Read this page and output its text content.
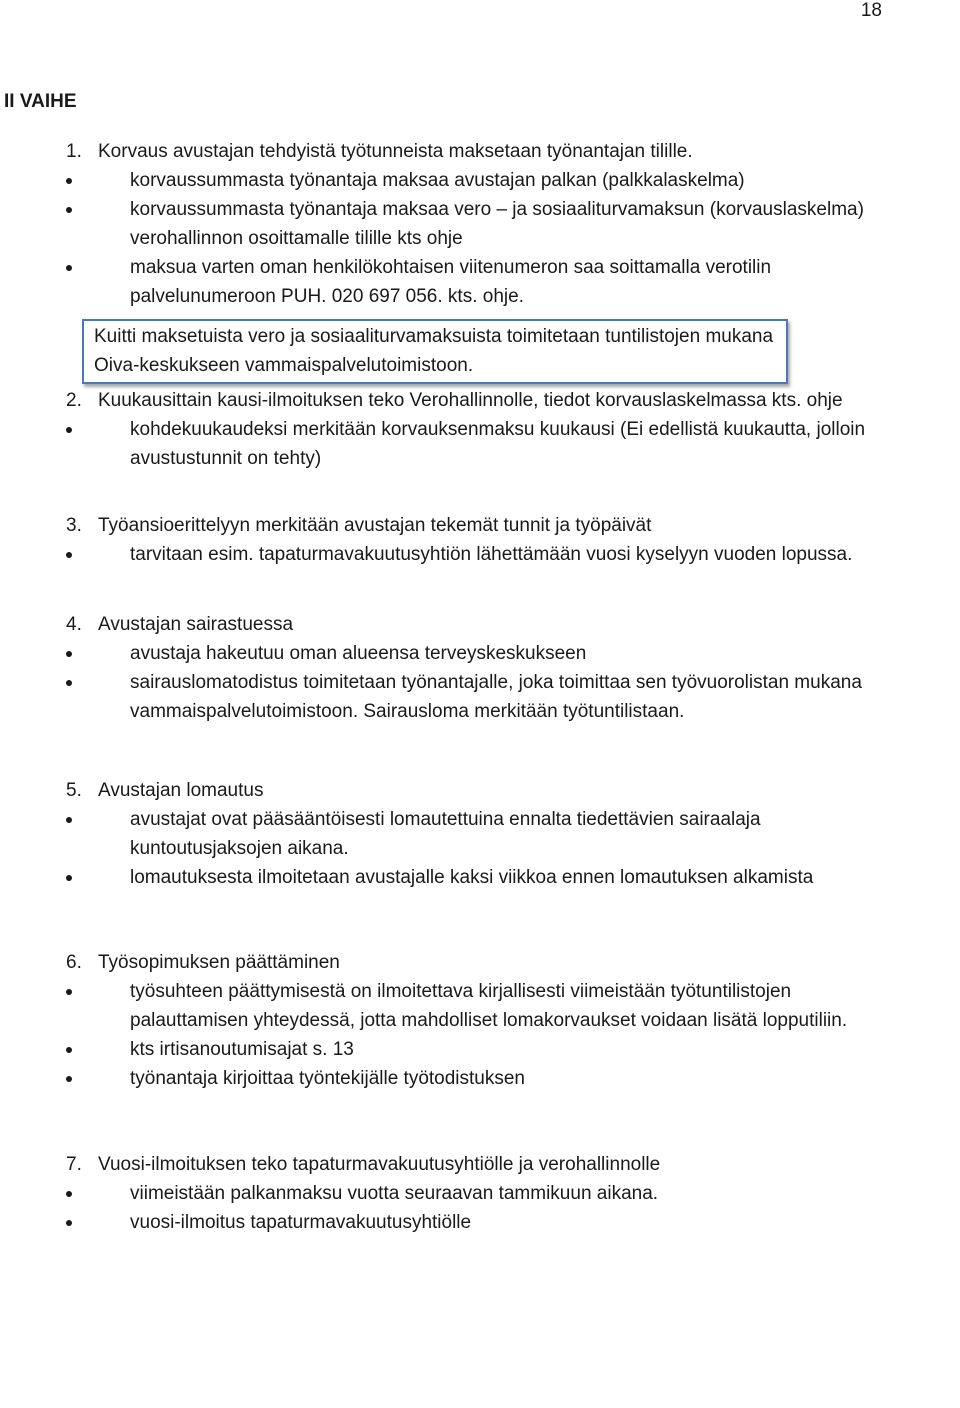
18
II VAIHE
1. Korvaus avustajan tehdyistä työtunneista maksetaan työnantajan tilille.
korvaussummasta työnantaja maksaa avustajan palkan (palkkalaskelma)
korvaussummasta työnantaja maksaa vero – ja sosiaaliturvamaksun (korvauslaskelma) verohallinnon osoittamalle tilille kts ohje
maksua varten oman henkilökohtaisen viitenumeron saa soittamalla verotilin palvelunumeroon PUH. 020 697 056. kts. ohje.
Kuitti maksetuista vero ja sosiaaliturvamaksuista toimitetaan tuntilistojen mukana Oiva-keskukseen vammaispalvelutoimistoon.
2. Kuukausittain kausi-ilmoituksen teko Verohallinnolle, tiedot korvauslaskelmassa kts. ohje
kohdekuukaudeksi merkitään korvauksenmaksu kuukausi (Ei edellistä kuukautta, jolloin avustustunnit on tehty)
3. Työansioerittelyyn merkitään avustajan tekemät tunnit ja työpäivät
tarvitaan esim. tapaturmavakuutusyhtiön lähettämään vuosi kyselyyn vuoden lopussa.
4. Avustajan sairastuessa
avustaja hakeutuu oman alueensa terveyskeskukseen
sairauslomatodistus toimitetaan työnantajalle, joka toimittaa sen työvuorolistan mukana vammaispalvelutoimistoon. Sairausloma merkitään työtuntilistaan.
5. Avustajan lomautus
avustajat ovat pääsääntöisesti lomautettuina ennalta tiedettävien sairaalaja kuntoutusjaksojen aikana.
lomautuksesta ilmoitetaan avustajalle kaksi viikkoa ennen lomautuksen alkamista
6. Työsopimuksen päättäminen
työsuhteen päättymisestä on ilmoitettava kirjallisesti viimeistään työtuntilistojen palauttamisen yhteydessä, jotta mahdolliset lomakorvaukset voidaan lisätä lopputiliin.
kts irtisanoutumisajat s. 13
työnantaja kirjoittaa työntekijälle työtodistuksen
7. Vuosi-ilmoituksen teko tapaturmavakuutusyhtiölle ja verohallinnolle
viimeistään palkanmaksu vuotta seuraavan tammikuun aikana.
vuosi-ilmoitus tapaturmavakuutusyhtiölle
